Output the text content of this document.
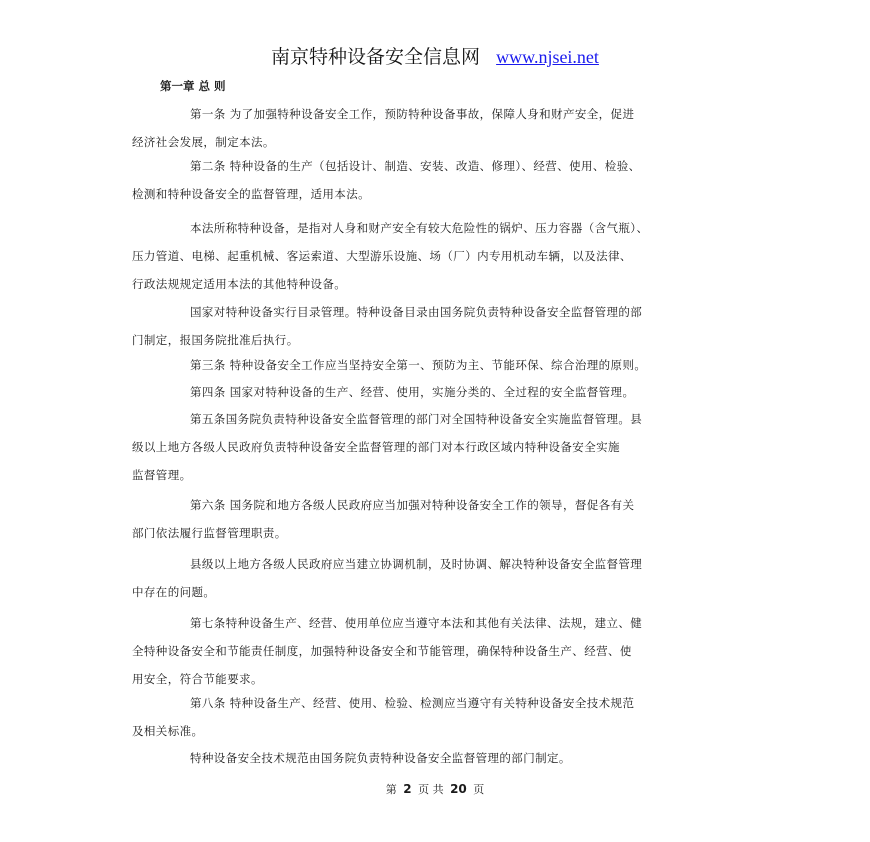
南京特种设备安全信息网 www.njsei.net
第一章 总 则
第一条 为了加强特种设备安全工作，预防特种设备事故，保障人身和财产安全，促进
经济社会发展，制定本法。
第二条 特种设备的生产（包括设计、制造、安装、改造、修理）、经营、使用、检验、
检测和特种设备安全的监督管理，适用本法。
本法所称特种设备，是指对人身和财产安全有较大危险性的锅炉、压力容器（含气瓶）、
压力管道、电梯、起重机械、客运索道、大型游乐设施、场（厂）内专用机动车辆，以及法律、
行政法规规定适用本法的其他特种设备。
国家对特种设备实行目录管理。特种设备目录由国务院负责特种设备安全监督管理的部
门制定，报国务院批准后执行。
第三条 特种设备安全工作应当坚持安全第一、预防为主、节能环保、综合治理的原则。
第四条 国家对特种设备的生产、经营、使用，实施分类的、全过程的安全监督管理。
第五条国务院负责特种设备安全监督管理的部门对全国特种设备安全实施监督管理。县
级以上地方各级人民政府负责特种设备安全监督管理的部门对本行政区域内特种设备安全实施
监督管理。
第六条 国务院和地方各级人民政府应当加强对特种设备安全工作的领导，督促各有关
部门依法履行监督管理职责。
县级以上地方各级人民政府应当建立协调机制，及时协调、解决特种设备安全监督管理
中存在的问题。
第七条特种设备生产、经营、使用单位应当遵守本法和其他有关法律、法规，建立、健
全特种设备安全和节能责任制度，加强特种设备安全和节能管理，确保特种设备生产、经营、使
用安全，符合节能要求。
第八条 特种设备生产、经营、使用、检验、检测应当遵守有关特种设备安全技术规范
及相关标准。
特种设备安全技术规范由国务院负责特种设备安全监督管理的部门制定。
第 2 页 共 20 页
